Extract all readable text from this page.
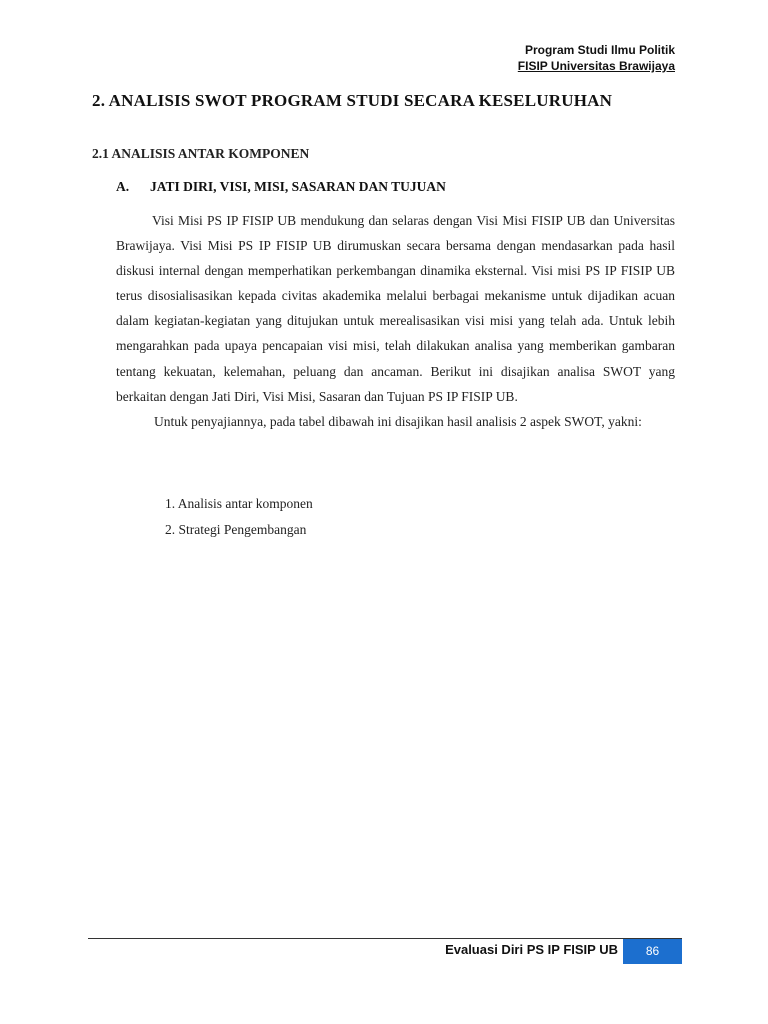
Program Studi Ilmu Politik
FISIP Universitas Brawijaya
2. ANALISIS SWOT PROGRAM STUDI SECARA KESELURUHAN
2.1 ANALISIS ANTAR KOMPONEN
A. JATI DIRI, VISI, MISI, SASARAN DAN TUJUAN

Visi Misi PS IP FISIP UB mendukung dan selaras dengan Visi Misi FISIP UB dan Universitas Brawijaya. Visi Misi PS IP FISIP UB dirumuskan secara bersama dengan mendasarkan pada hasil diskusi internal dengan memperhatikan perkembangan dinamika eksternal. Visi misi PS IP FISIP UB terus disosialisasikan kepada civitas akademika melalui berbagai mekanisme untuk dijadikan acuan dalam kegiatan-kegiatan yang ditujukan untuk merealisasikan visi misi yang telah ada. Untuk lebih mengarahkan pada upaya pencapaian visi misi, telah dilakukan analisa yang memberikan gambaran tentang kekuatan, kelemahan, peluang dan ancaman. Berikut ini disajikan analisa SWOT yang berkaitan dengan Jati Diri, Visi Misi, Sasaran dan Tujuan PS IP FISIP UB.

Untuk penyajiannya, pada tabel dibawah ini disajikan hasil analisis 2 aspek SWOT, yakni:

1. Analisis antar komponen
2. Strategi Pengembangan
Evaluasi Diri PS IP FISIP UB	86
